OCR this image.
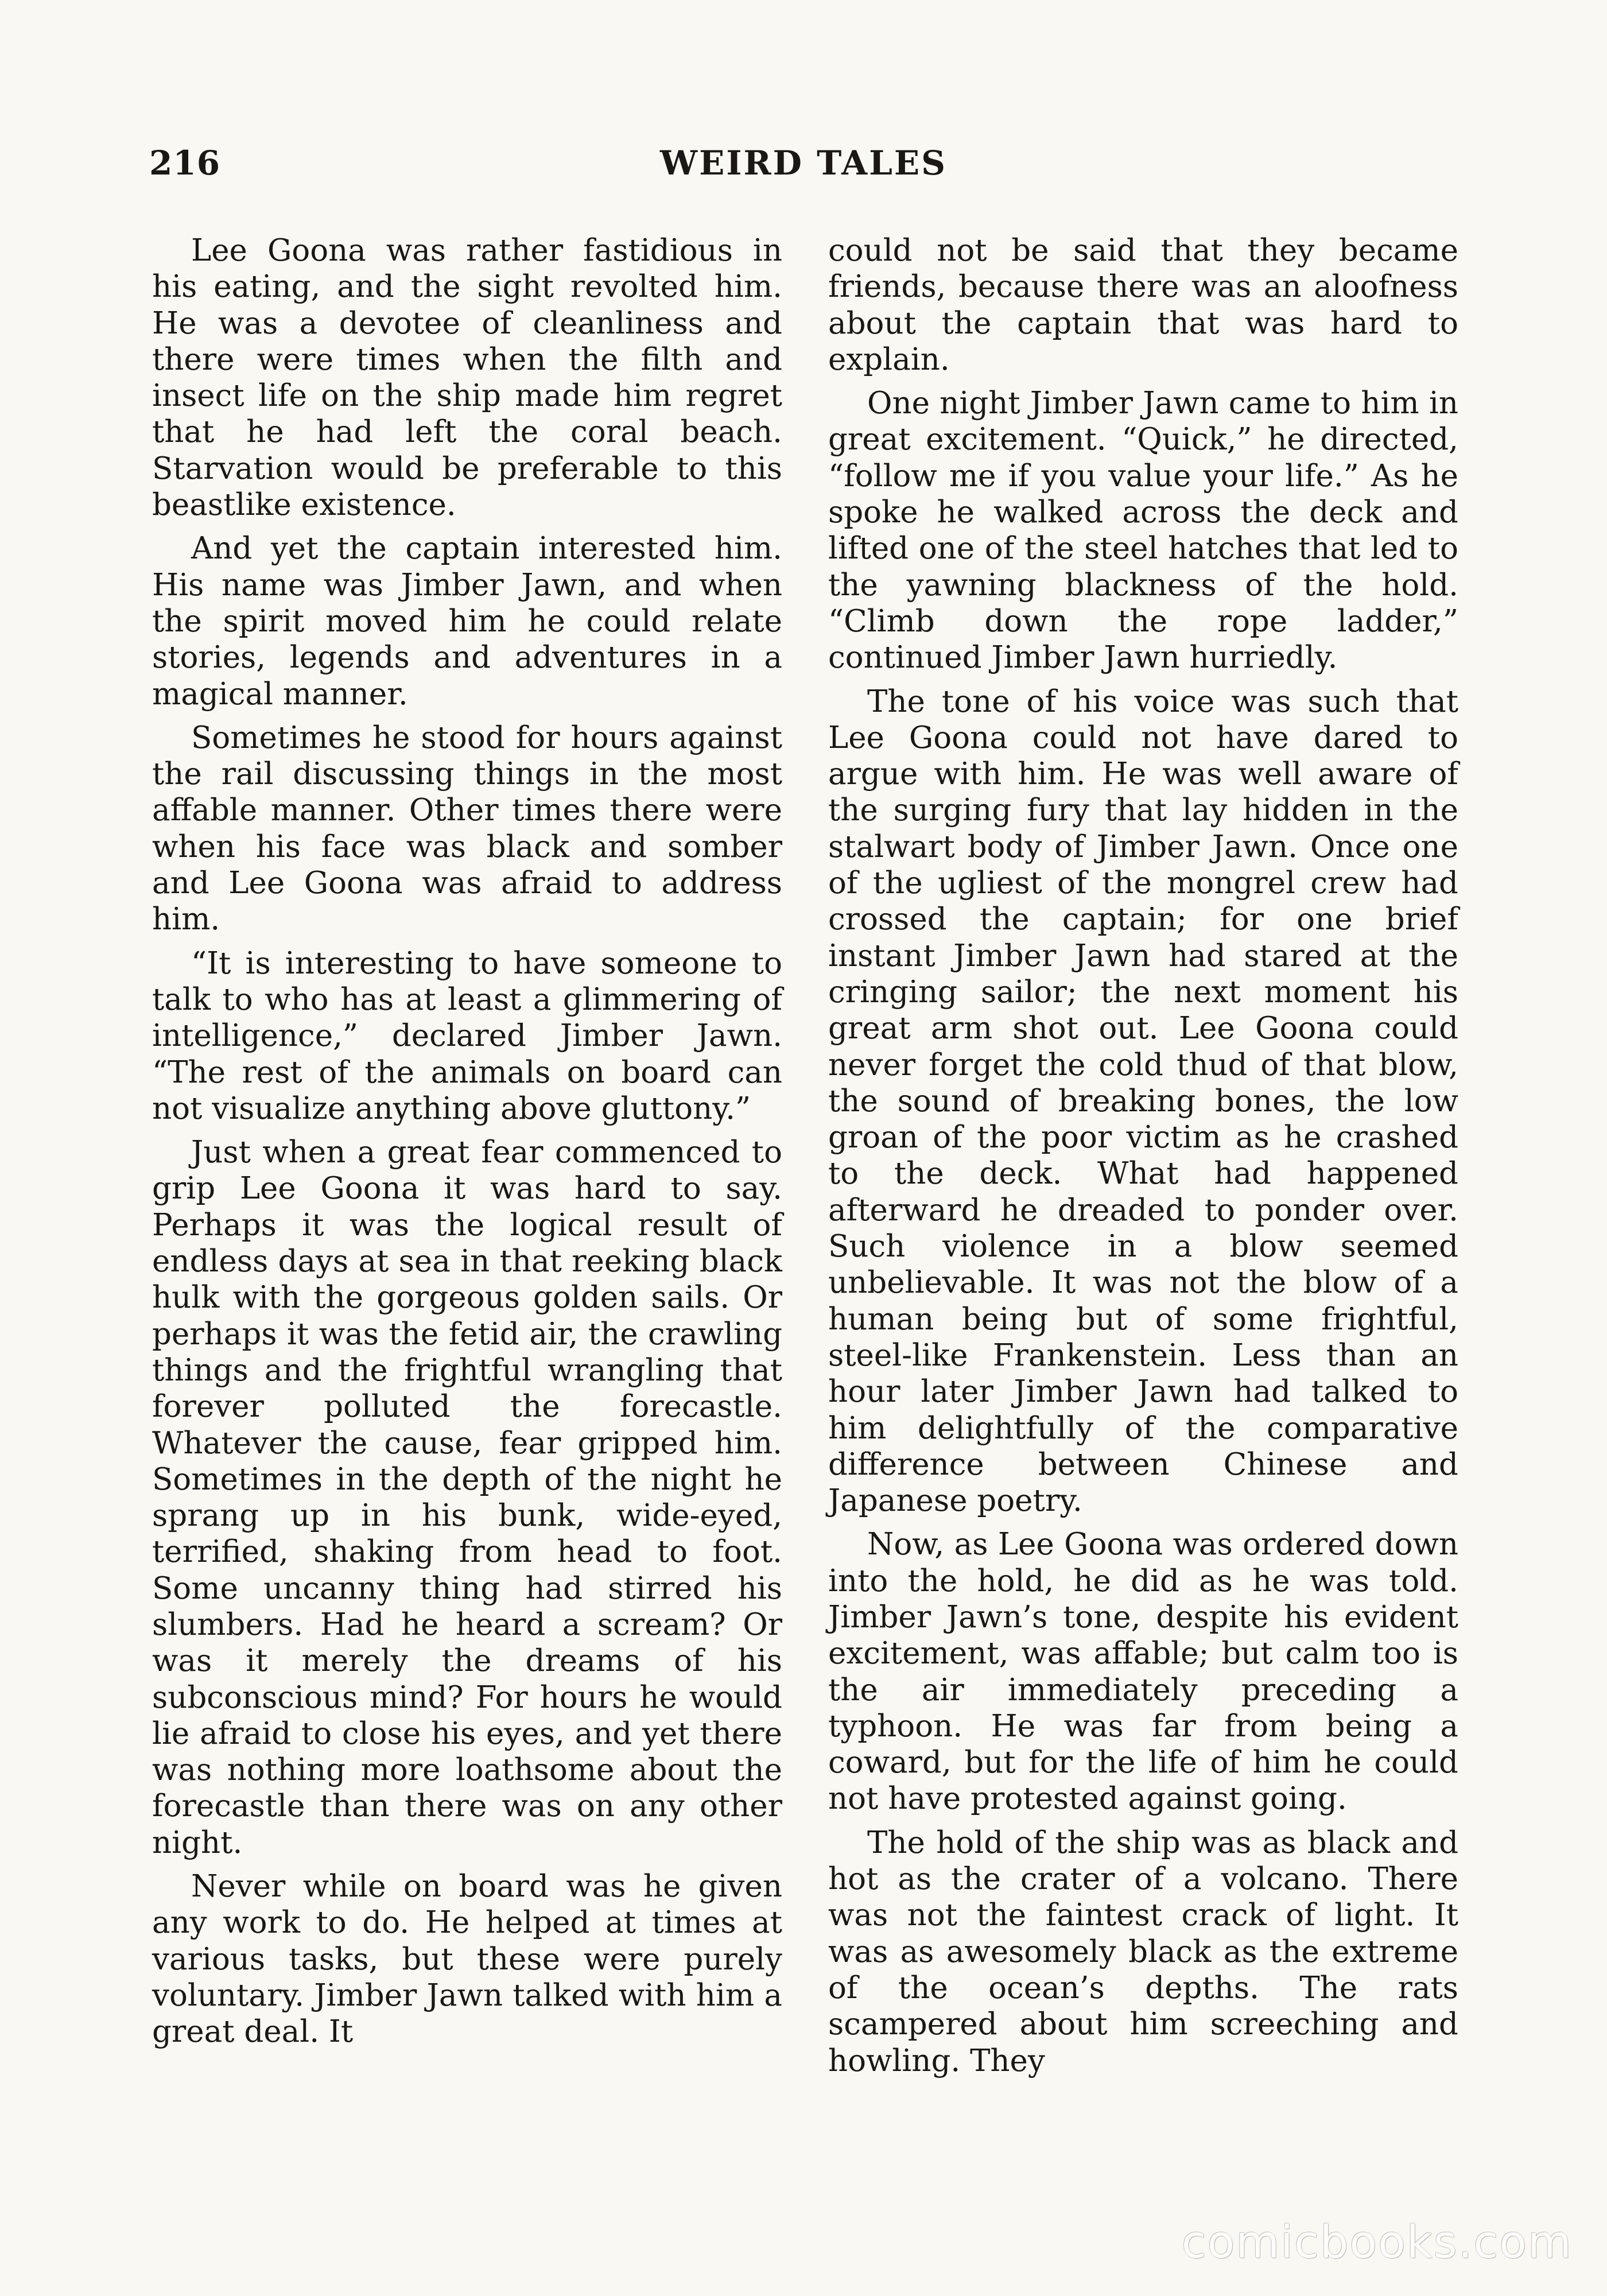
216	WEIRD TALES

Lee Goona was rather fastidious in his eating, and the sight revolted him. He was a devotee of cleanliness and there were times when the filth and insect life on the ship made him regret that he had left the coral beach. Starvation would be preferable to this beastlike existence.

And yet the captain interested him. His name was Jimber Jawn, and when the spirit moved him he could relate stories, legends and adventures in a magical manner.

Sometimes he stood for hours against the rail discussing things in the most affable manner. Other times there were when his face was black and somber and Lee Goona was afraid to address him.

“It is interesting to have someone to talk to who has at least a glimmering of intelligence,” declared Jimber Jawn. “The rest of the animals on board can not visualize anything above gluttony.”

Just when a great fear commenced to grip Lee Goona it was hard to say. Perhaps it was the logical result of endless days at sea in that reeking black hulk with the gorgeous golden sails. Or perhaps it was the fetid air, the crawling things and the frightful wrangling that forever polluted the forecastle. Whatever the cause, fear gripped him. Sometimes in the depth of the night he sprang up in his bunk, wide-eyed, terrified, shaking from head to foot. Some uncanny thing had stirred his slumbers. Had he heard a scream? Or was it merely the dreams of his subconscious mind? For hours he would lie afraid to close his eyes, and yet there was nothing more loathsome about the forecastle than there was on any other night.

Never while on board was he given any work to do. He helped at times at various tasks, but these were purely voluntary. Jimber Jawn talked with him a great deal. It

could not be said that they became friends, because there was an aloofness about the captain that was hard to explain.

One night Jimber Jawn came to him in great excitement. “Quick,” he directed, “follow me if you value your life.” As he spoke he walked across the deck and lifted one of the steel hatches that led to the yawning blackness of the hold. “Climb down the rope ladder,” continued Jimber Jawn hurriedly.

The tone of his voice was such that Lee Goona could not have dared to argue with him. He was well aware of the surging fury that lay hidden in the stalwart body of Jimber Jawn. Once one of the ugliest of the mongrel crew had crossed the captain; for one brief instant Jimber Jawn had stared at the cringing sailor; the next moment his great arm shot out. Lee Goona could never forget the cold thud of that blow, the sound of breaking bones, the low groan of the poor victim as he crashed to the deck. What had happened afterward he dreaded to ponder over. Such violence in a blow seemed unbelievable. It was not the blow of a human being but of some frightful, steel-like Frankenstein. Less than an hour later Jimber Jawn had talked to him delightfully of the comparative difference between Chinese and Japanese poetry.

Now, as Lee Goona was ordered down into the hold, he did as he was told. Jimber Jawn’s tone, despite his evident excitement, was affable; but calm too is the air immediately preceding a typhoon. He was far from being a coward, but for the life of him he could not have protested against going.

The hold of the ship was as black and hot as the crater of a volcano. There was not the faintest crack of light. It was as awesomely black as the extreme of the ocean’s depths. The rats scampered about him screeching and howling. They

comicbooks.com
